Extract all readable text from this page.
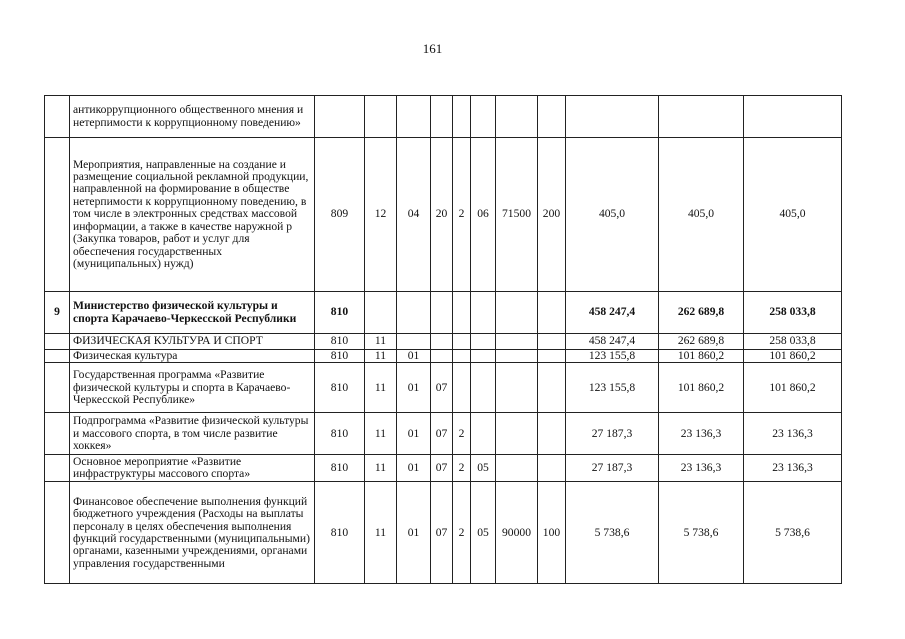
161
	антикоррупционного общественного мнения и нетерпимости к коррупционному поведению»											
	Мероприятия, направленные на создание и размещение социальной рекламной продукции, направленной на формирование в обществе нетерпимости к коррупционному поведению, в том числе в электронных средствах массовой информации, а также в качестве наружной р (Закупка товаров, работ и услуг для обеспечения государственных (муниципальных) нужд)	809	12	04	20	2	06	71500	200	405,0	405,0	405,0
9	Министерство физической культуры и спорта Карачаево-Черкесской Республики	810								458 247,4	262 689,8	258 033,8
	ФИЗИЧЕСКАЯ КУЛЬТУРА И СПОРТ	810	11							458 247,4	262 689,8	258 033,8
	Физическая культура	810	11	01						123 155,8	101 860,2	101 860,2
	Государственная программа «Развитие физической культуры и спорта в Карачаево-Черкесской Республике»	810	11	01	07					123 155,8	101 860,2	101 860,2
	Подпрограмма «Развитие физической культуры и массового спорта, в том числе развитие хоккея»	810	11	01	07	2				27 187,3	23 136,3	23 136,3
	Основное мероприятие «Развитие инфраструктуры массового спорта»	810	11	01	07	2	05			27 187,3	23 136,3	23 136,3
	Финансовое обеспечение выполнения функций бюджетного учреждения (Расходы на выплаты персоналу в целях обеспечения выполнения функций государственными (муниципальными) органами, казенными учреждениями, органами управления государственными	810	11	01	07	2	05	90000	100	5 738,6	5 738,6	5 738,6
